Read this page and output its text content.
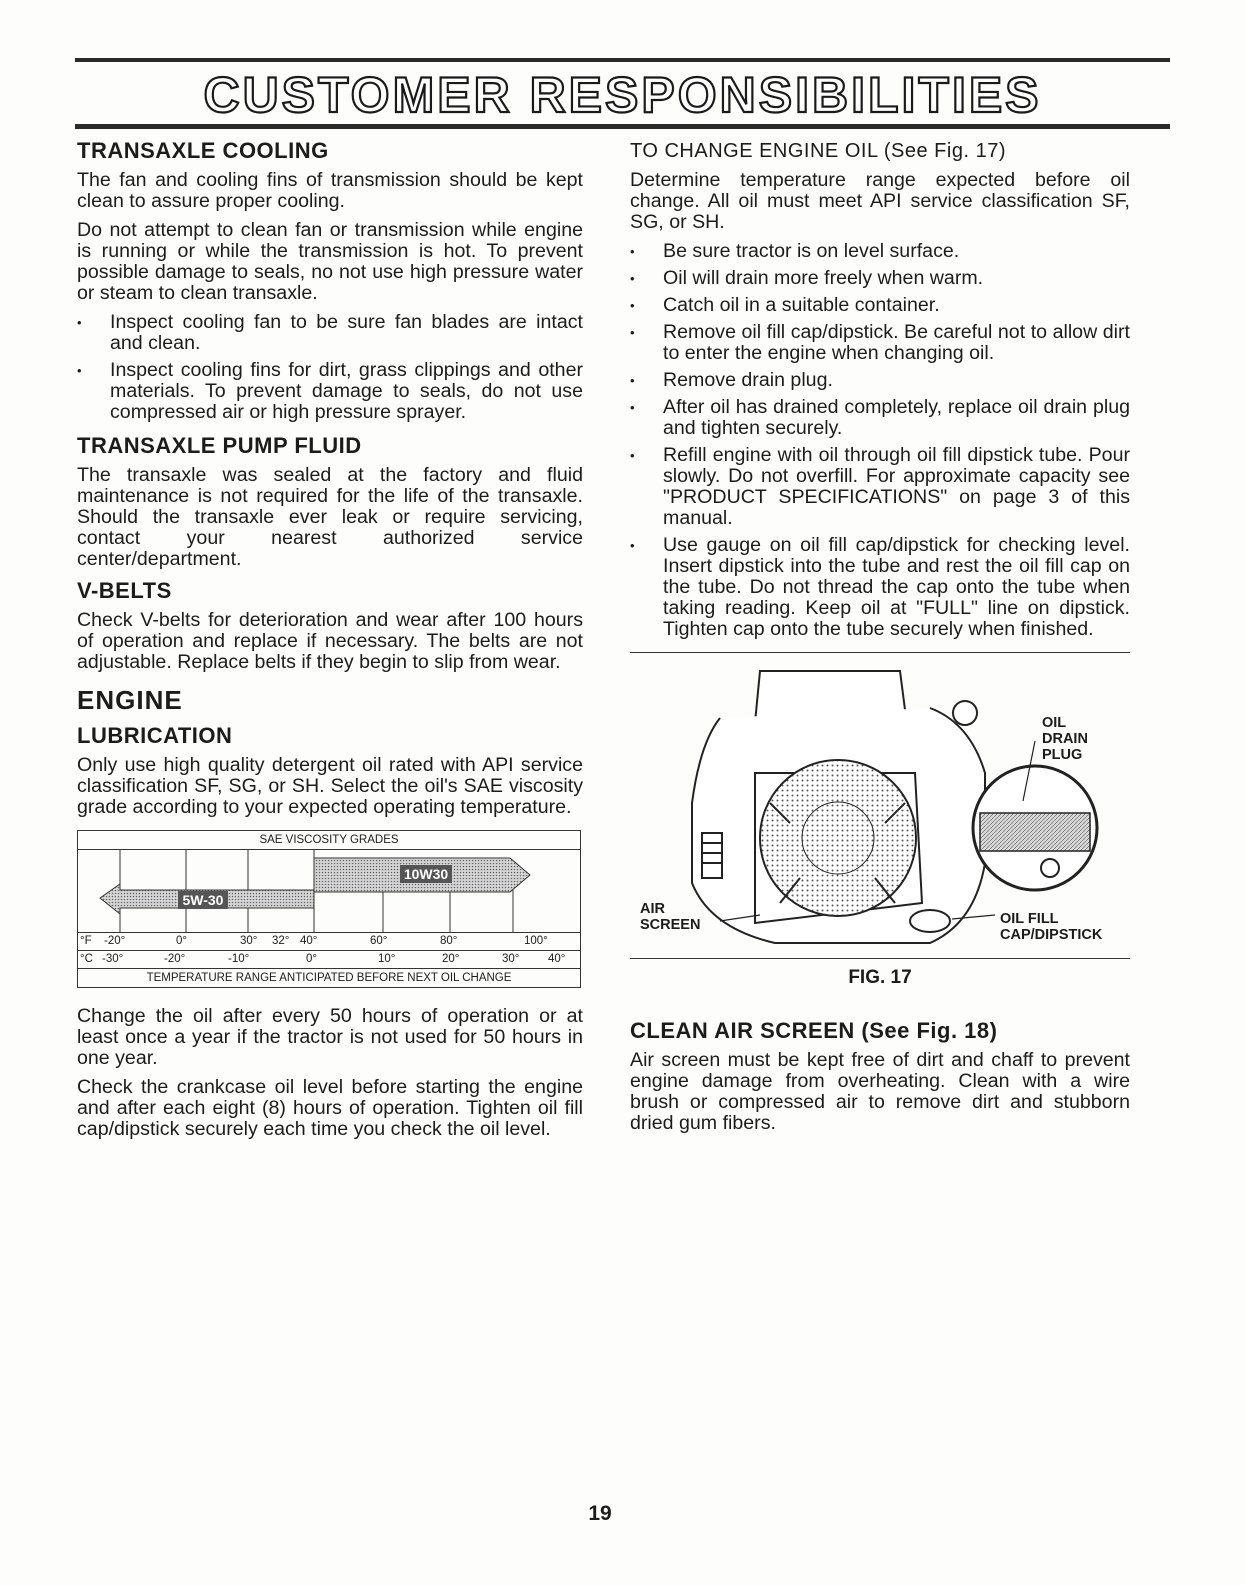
CUSTOMER RESPONSIBILITIES
TRANSAXLE COOLING

The fan and cooling fins of transmission should be kept clean to assure proper cooling.

Do not attempt to clean fan or transmission while engine is running or while the transmission is hot. To prevent possible damage to seals, no not use high pressure water or steam to clean transaxle.

• Inspect cooling fan to be sure fan blades are intact and clean.
• Inspect cooling fins for dirt, grass clippings and other materials. To prevent damage to seals, do not use compressed air or high pressure sprayer.
TRANSAXLE PUMP FLUID

The transaxle was sealed at the factory and fluid maintenance is not required for the life of the transaxle. Should the transaxle ever leak or require servicing, contact your nearest authorized service center/department.

V-BELTS

Check V-belts for deterioration and wear after 100 hours of operation and replace if necessary. The belts are not adjustable. Replace belts if they begin to slip from wear.

ENGINE
LUBRICATION

Only use high quality detergent oil rated with API service classification SF, SG, or SH. Select the oil's SAE viscosity grade according to your expected operating temperature.

SAE VISCOSITY GRADES
10W30
5W-30
°F -20°	0°	30° 32° 40°	60°	80°	100°
°C -30°	-20°	-10°	0°	10°	20°	30° 40°
TEMPERATURE RANGE ANTICIPATED BEFORE NEXT OIL CHANGE

Change the oil after every 50 hours of operation or at least once a year if the tractor is not used for 50 hours in one year.

Check the crankcase oil level before starting the engine and after each eight (8) hours of operation. Tighten oil fill cap/dipstick securely each time you check the oil level.

TO CHANGE ENGINE OIL (See Fig. 17)

Determine temperature range expected before oil change. All oil must meet API service classification SF, SG, or SH.

• Be sure tractor is on level surface.
• Oil will drain more freely when warm.
• Catch oil in a suitable container.
• Remove oil fill cap/dipstick. Be careful not to allow dirt to enter the engine when changing oil.
• Remove drain plug.
• After oil has drained completely, replace oil drain plug and tighten securely.
• Refill engine with oil through oil fill dipstick tube. Pour slowly. Do not overfill. For approximate capacity see "PRODUCT SPECIFICATIONS" on page 3 of this manual.
• Use gauge on oil fill cap/dipstick for checking level. Insert dipstick into the tube and rest the oil fill cap on the tube. Do not thread the cap onto the tube when taking reading. Keep oil at "FULL" line on dipstick. Tighten cap onto the tube securely when finished.
OIL
DRAIN
PLUG
AIR
SCREEN	OIL FILL
CAP/DIPSTICK
FIG. 17
CLEAN AIR SCREEN (See Fig. 18)

Air screen must be kept free of dirt and chaff to prevent engine damage from overheating. Clean with a wire brush or compressed air to remove dirt and stubborn dried gum fibers.

19
